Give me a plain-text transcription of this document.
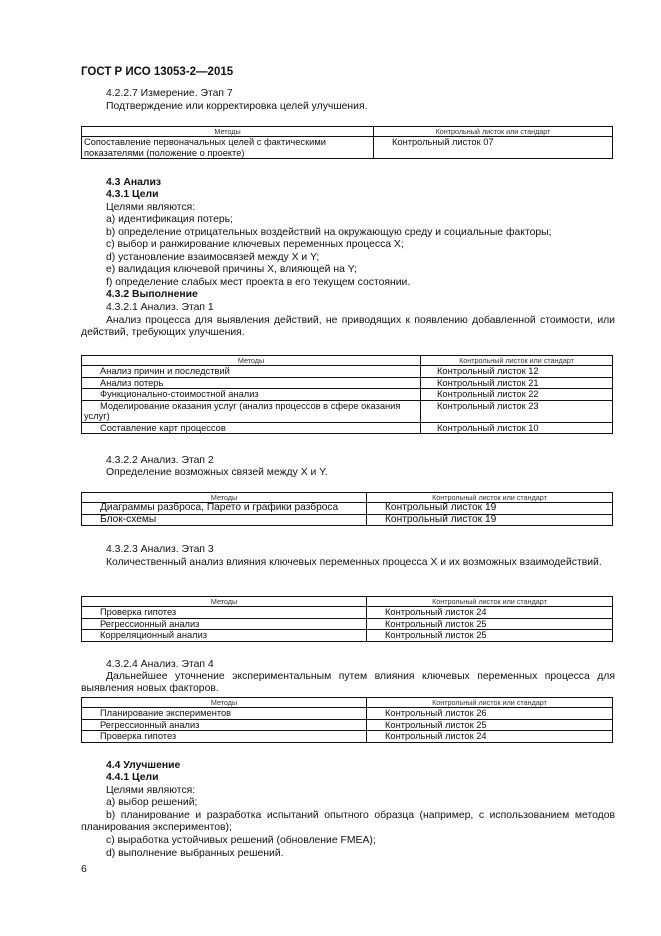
ГОСТ Р ИСО 13053-2—2015
4.2.2.7 Измерение. Этап 7
Подтверждение или корректировка целей улучшения.
Методы	Контрольный листок или стандарт
Сопоставление первоначальных целей с фактическими показателями (положение о проекте)	Контрольный листок 07
4.3 Анализ
4.3.1 Цели
Целями являются:
a) идентификация потерь;
b) определение отрицательных воздействий на окружающую среду и социальные факторы;
c) выбор и ранжирование ключевых переменных процесса X;
d) установление взаимосвязей между X и Y;
e) валидация ключевой причины X, влияющей на Y;
f) определение слабых мест проекта в его текущем состоянии.
4.3.2 Выполнение
4.3.2.1 Анализ. Этап 1
Анализ процесса для выявления действий, не приводящих к появлению добавленной стоимости, или действий, требующих улучшения.
Методы	Контрольный листок или стандарт
Анализ причин и последствий	Контрольный листок 12
Анализ потерь	Контрольный листок 21
Функционально-стоимостной анализ	Контрольный листок 22
Моделирование оказания услуг (анализ процессов в сфере оказания услуг)	Контрольный листок 23
Составление карт процессов	Контрольный листок 10
4.3.2.2 Анализ. Этап 2
Определение возможных связей между X и Y.
Методы	Контрольный листок или стандарт
Диаграммы разброса, Парето и графики разброса	Контрольный листок 19
Блок-схемы	Контрольный листок 19
4.3.2.3 Анализ. Этап 3
Количественный анализ влияния ключевых переменных процесса X и их возможных взаимодействий.
Методы	Контрольный листок или стандарт
Проверка гипотез	Контрольный листок 24
Регрессионный анализ	Контрольный листок 25
Корреляционный анализ	Контрольный листок 25
4.3.2.4 Анализ. Этап 4
Дальнейшее уточнение экспериментальным путем влияния ключевых переменных процесса для выявления новых факторов.
Методы	Контрольный листок или стандарт
Планирование экспериментов	Контрольный листок 26
Регрессионный анализ	Контрольный листок 25
Проверка гипотез	Контрольный листок 24
4.4 Улучшение
4.4.1 Цели
Целями являются:
a) выбор решений;
b) планирование и разработка испытаний опытного образца (например, с использованием методов планирования экспериментов);
c) выработка устойчивых решений (обновление FMEA);
d) выполнение выбранных решений.
6
